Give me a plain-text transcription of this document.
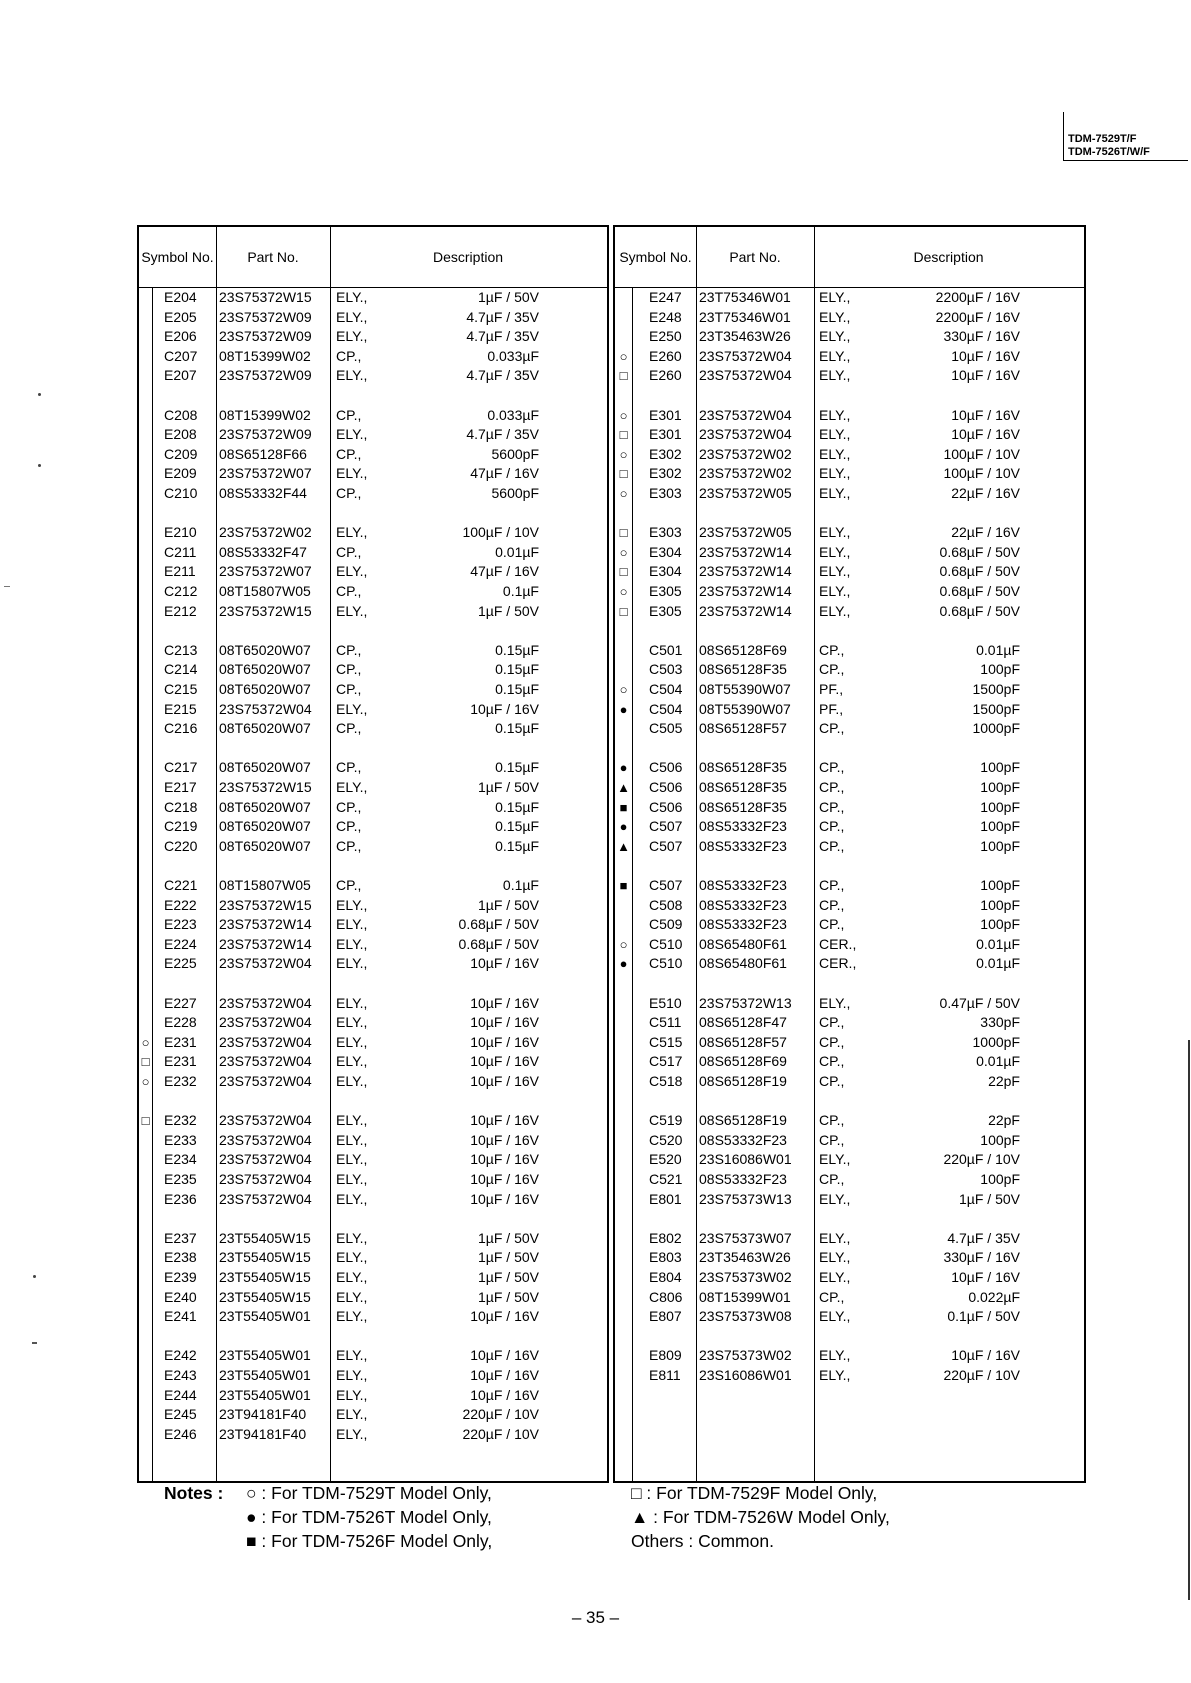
TDM-7529T/F
TDM-7526T/W/F
Symbol No.	Part No.	Description
E204 23S75372W15 ELY.,	1µF / 50V
E205 23S75372W09 ELY.,	4.7µF / 35V
E206 23S75372W09 ELY.,	4.7µF / 35V
C207 08T15399W02 CP.,	0.033µF
E207 23S75372W09 ELY.,	4.7µF / 35V
C208 08T15399W02 CP.,	0.033µF
E208 23S75372W09 ELY.,	4.7µF / 35V
C209 08S65128F66 CP.,	5600pF
E209 23S75372W07 ELY.,	47µF / 16V
C210 08S53332F44 CP.,	5600pF
E210 23S75372W02 ELY.,	100µF / 10V
C211 08S53332F47 CP.,	0.01µF
E211 23S75372W07 ELY.,	47µF / 16V
C212 08T15807W05 CP.,	0.1µF
E212 23S75372W15 ELY.,	1µF / 50V
C213 08T65020W07 CP.,	0.15µF
C214 08T65020W07 CP.,	0.15µF
C215 08T65020W07 CP.,	0.15µF
E215 23S75372W04 ELY.,	10µF / 16V
C216 08T65020W07 CP.,	0.15µF
C217 08T65020W07 CP.,	0.15µF
E217 23S75372W15 ELY.,	1µF / 50V
C218 08T65020W07 CP.,	0.15µF
C219 08T65020W07 CP.,	0.15µF
C220 08T65020W07 CP.,	0.15µF
C221 08T15807W05 CP.,	0.1µF
E222 23S75372W15 ELY.,	1µF / 50V
E223 23S75372W14 ELY.,	0.68µF / 50V
E224 23S75372W14 ELY.,	0.68µF / 50V
E225 23S75372W04 ELY.,	10µF / 16V
E227 23S75372W04 ELY.,	10µF / 16V
E228 23S75372W04 ELY.,	10µF / 16V
○ E231 23S75372W04 ELY.,	10µF / 16V
□ E231 23S75372W04 ELY.,	10µF / 16V
○ E232 23S75372W04 ELY.,	10µF / 16V
□ E232 23S75372W04 ELY.,	10µF / 16V
E233 23S75372W04 ELY.,	10µF / 16V
E234 23S75372W04 ELY.,	10µF / 16V
E235 23S75372W04 ELY.,	10µF / 16V
E236 23S75372W04 ELY.,	10µF / 16V
E237 23T55405W15 ELY.,	1µF / 50V
E238 23T55405W15 ELY.,	1µF / 50V
E239 23T55405W15 ELY.,	1µF / 50V
E240 23T55405W15 ELY.,	1µF / 50V
E241 23T55405W01 ELY.,	10µF / 16V
E242 23T55405W01 ELY.,	10µF / 16V
E243 23T55405W01 ELY.,	10µF / 16V
E244 23T55405W01 ELY.,	10µF / 16V
E245 23T94181F40 ELY.,	220µF / 10V
E246 23T94181F40 ELY.,	220µF / 10V
Symbol No.	Part No.	Description
E247 23T75346W01 ELY.,	2200µF / 16V
E248 23T75346W01 ELY.,	2200µF / 16V
E250 23T35463W26 ELY.,	330µF / 16V
○	E260 23S75372W04 ELY.,	10µF / 16V
□	E260 23S75372W04 ELY.,	10µF / 16V
○	E301 23S75372W04 ELY.,	10µF / 16V
□	E301 23S75372W04 ELY.,	10µF / 16V
○	E302 23S75372W02 ELY.,	100µF / 10V
□	E302 23S75372W02 ELY.,	100µF / 10V
○	E303 23S75372W05 ELY.,	22µF / 16V
□	E303 23S75372W05 ELY.,	22µF / 16V
○	E304 23S75372W14 ELY.,	0.68µF / 50V
□	E304 23S75372W14 ELY.,	0.68µF / 50V
○	E305 23S75372W14 ELY.,	0.68µF / 50V
□	E305 23S75372W14 ELY.,	0.68µF / 50V
C501 08S65128F69 CP.,	0.01µF
C503 08S65128F35 CP.,	100pF
○	C504 08T55390W07 PF.,	1500pF
●	C504 08T55390W07 PF.,	1500pF
C505 08S65128F57 CP.,	1000pF
●	C506 08S65128F35 CP.,	100pF
▲ C506 08S65128F35 CP.,	100pF
■	C506 08S65128F35 CP.,	100pF
●	C507 08S53332F23 CP.,	100pF
▲ C507 08S53332F23 CP.,	100pF
■	C507 08S53332F23 CP.,	100pF
C508 08S53332F23 CP.,	100pF
C509 08S53332F23 CP.,	100pF
○	C510 08S65480F61 CER.,	0.01µF
●	C510 08S65480F61 CER.,	0.01µF
E510 23S75372W13 ELY.,	0.47µF / 50V
C511 08S65128F47 CP.,	330pF
C515 08S65128F57 CP.,	1000pF
C517 08S65128F69 CP.,	0.01µF
C518 08S65128F19 CP.,	22pF
C519 08S65128F19 CP.,	22pF
C520 08S53332F23 CP.,	100pF
E520 23S16086W01 ELY.,	220µF / 10V
C521 08S53332F23 CP.,	100pF
E801 23S75373W13 ELY.,	1µF / 50V
E802 23S75373W07 ELY.,	4.7µF / 35V
E803 23T35463W26 ELY.,	330µF / 16V
E804 23S75373W02 ELY.,	10µF / 16V
C806 08T15399W01 CP.,	0.022µF
E807 23S75373W08 ELY.,	0.1µF / 50V
E809 23S75373W02 ELY.,	10µF / 16V
E811 23S16086W01 ELY.,	220µF / 10V
Notes : ○ : For TDM-7529T Model Only,
● : For TDM-7526T Model Only,
■ : For TDM-7526F Model Only,
□ : For TDM-7529F Model Only,
▲ : For TDM-7526W Model Only,
Others : Common.
– 35 –
